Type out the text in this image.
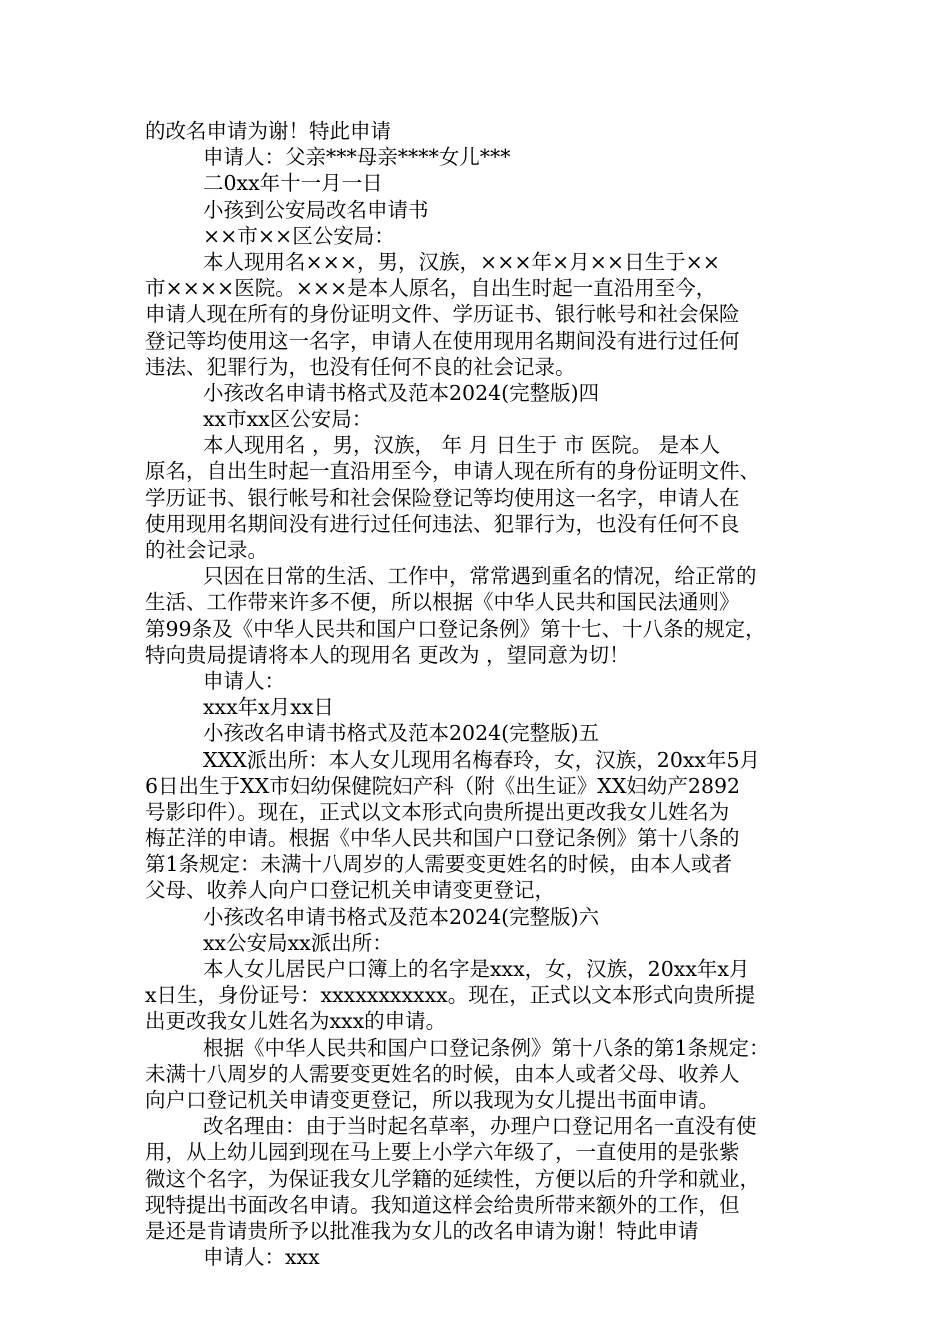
的改名申请为谢！特此申请
申请人：父亲***母亲****女儿***
二0xx年十一月一日
小孩到公安局改名申请书
××市××区公安局：
本人现用名×××，男，汉族，×××年×月××日生于××
市××××医院。×××是本人原名，自出生时起一直沿用至今，
申请人现在所有的身份证明文件、学历证书、银行帐号和社会保险
登记等均使用这一名字，申请人在使用现用名期间没有进行过任何
违法、犯罪行为，也没有任何不良的社会记录。
小孩改名申请书格式及范本2024(完整版)四
xx市xx区公安局：
本人现用名 ，男，汉族， 年 月 日生于 市 医院。 是本人
原名，自出生时起一直沿用至今，申请人现在所有的身份证明文件、
学历证书、银行帐号和社会保险登记等均使用这一名字，申请人在
使用现用名期间没有进行过任何违法、犯罪行为，也没有任何不良
的社会记录。
只因在日常的生活、工作中，常常遇到重名的情况，给正常的
生活、工作带来许多不便，所以根据《中华人民共和国民法通则》
第99条及《中华人民共和国户口登记条例》第十七、十八条的规定，
特向贵局提请将本人的现用名 更改为 ，望同意为切！
申请人：
xxx年x月xx日
小孩改名申请书格式及范本2024(完整版)五
XXX派出所：本人女儿现用名梅春玲，女，汉族，20xx年5月
6日出生于XX市妇幼保健院妇产科（附《出生证》XX妇幼产2892
号影印件）。现在，正式以文本形式向贵所提出更改我女儿姓名为
梅芷洋的申请。根据《中华人民共和国户口登记条例》第十八条的
第1条规定：未满十八周岁的人需要变更姓名的时候，由本人或者
父母、收养人向户口登记机关申请变更登记，
小孩改名申请书格式及范本2024(完整版)六
xx公安局xx派出所：
本人女儿居民户口簿上的名字是xxx，女，汉族，20xx年x月
x日生，身份证号：xxxxxxxxxxx。现在，正式以文本形式向贵所提
出更改我女儿姓名为xxx的申请。
根据《中华人民共和国户口登记条例》第十八条的第1条规定：
未满十八周岁的人需要变更姓名的时候，由本人或者父母、收养人
向户口登记机关申请变更登记，所以我现为女儿提出书面申请。
改名理由：由于当时起名草率，办理户口登记用名一直没有使
用，从上幼儿园到现在马上要上小学六年级了，一直使用的是张紫
微这个名字，为保证我女儿学籍的延续性，方便以后的升学和就业，
现特提出书面改名申请。我知道这样会给贵所带来额外的工作，但
是还是肯请贵所予以批准我为女儿的改名申请为谢！特此申请
申请人：xxx
